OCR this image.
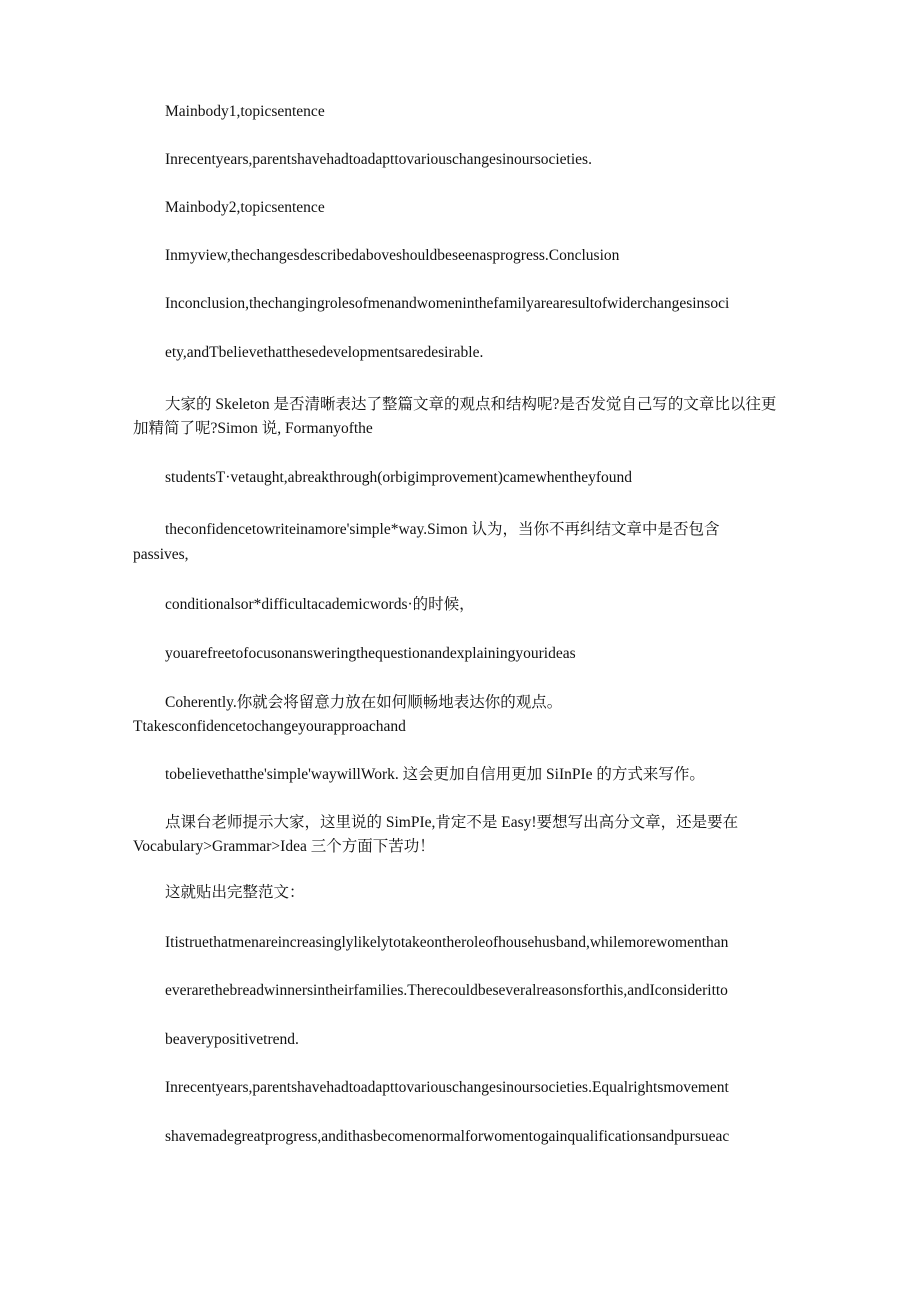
Mainbody1,topicsentence
Inrecentyears,parentshavehadtoadapttovariouschangesinoursocieties.
Mainbody2,topicsentence
Inmyview,thechangesdescribedaboveshouldbeseenasprogress.Conclusion
Inconclusion,thechangingrolesofmenandwomeninthefamilyarearesultofwiderchangesinsoci
ety,andTbelievethatthesedevelopmentsaredesirable.
大家的 Skeleton 是否清晰表达了整篇文章的观点和结构呢?是否发觉自己写的文章比以往更
加精简了呢?Simon 说, Formanyofthe
studentsT·vetaught,abreakthrough(orbigimprovement)camewhentheyfound
theconfidencetowriteinamore'simple*way.Simon 认为，当你不再纠结文章中是否包含
passives,
conditionalsor*difficultacademicwords·的时候，
youarefreetofocusonansweringthequestionandexplainingyourideas
Coherently.你就会将留意力放在如何顺畅地表达你的观点。
Ttakesconfidencetochangeyourapproachand
tobelievethatthe'simple'waywillWork. 这会更加自信用更加 SiInPIe 的方式来写作。
点课台老师提示大家，这里说的 SimPIe,肯定不是 Easy!要想写出高分文章，还是要在
Vocabulary>Grammar>Idea 三个方面下苦功！
这就贴出完整范文：
Itistruethatmenareincreasinglylikelytotakeontheroleofhousehusband,whilemorewomenthan
everarethebreadwinnersintheirfamilies.Therecouldbeseveralreasonsforthis,andIconsideritto
beaverypositivetrend.
Inrecentyears,parentshavehadtoadapttovariouschangesinoursocieties.Equalrightsmovement
shavemadegreatprogress,andithasbecomenormalforwomentogainqualificationsandpursueac
